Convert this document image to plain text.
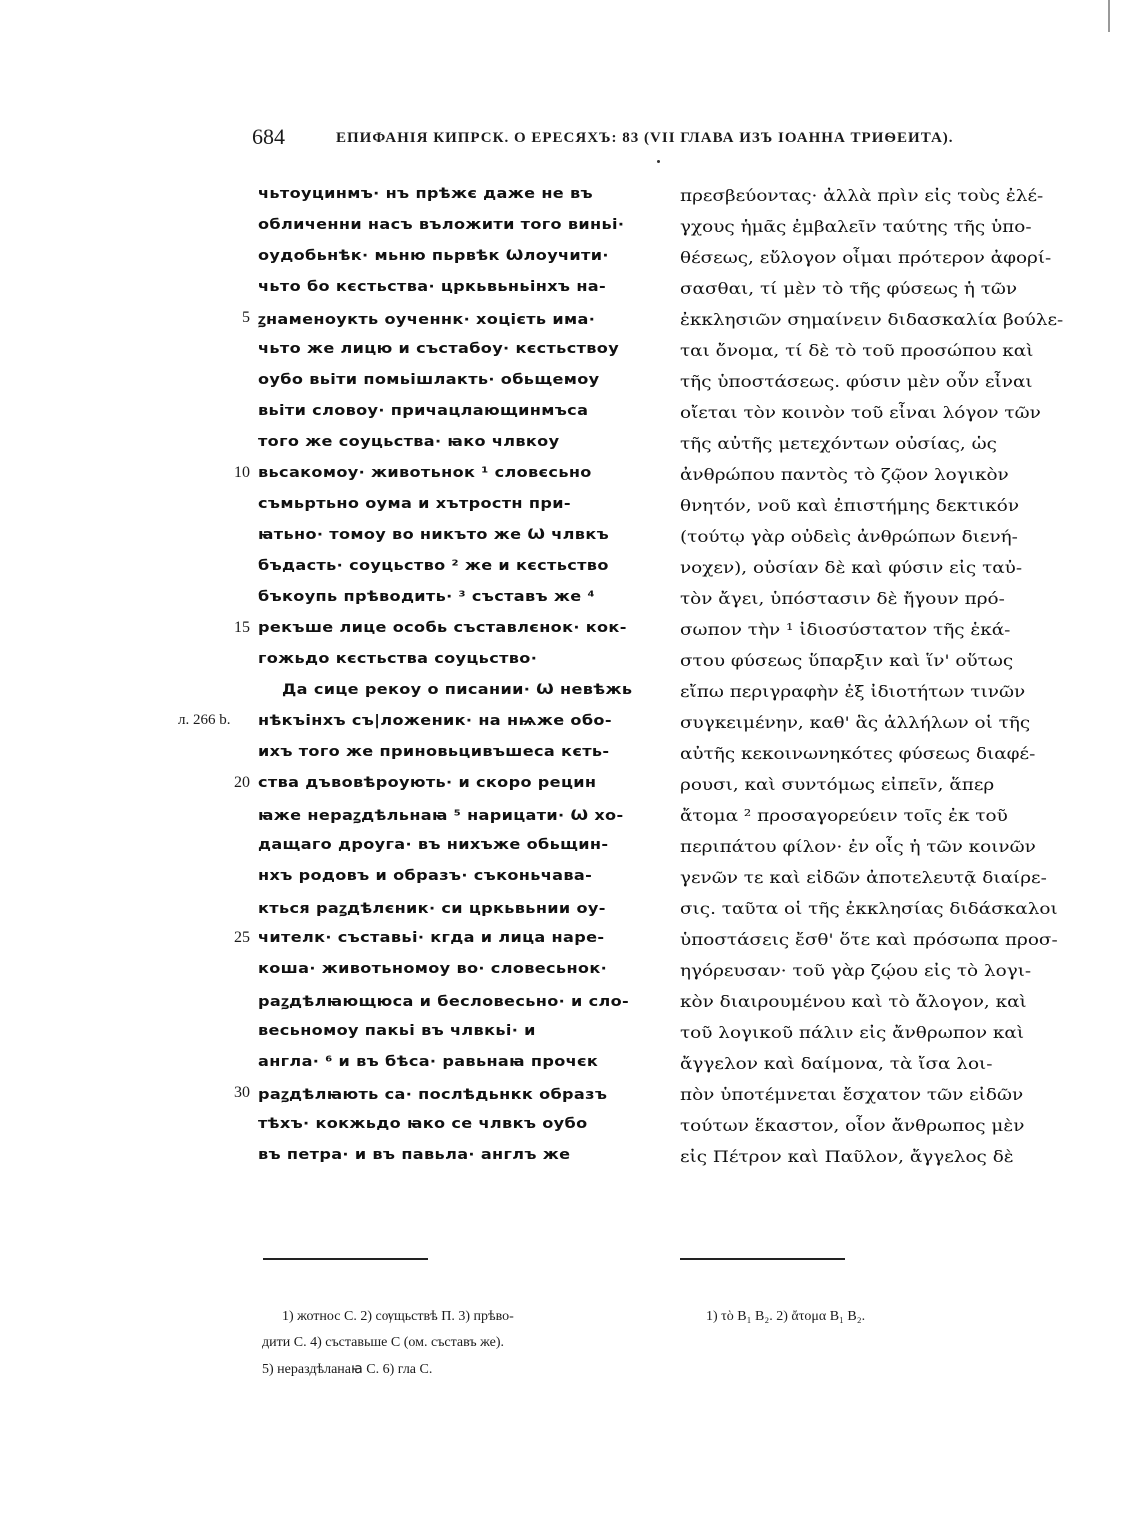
684	ЕПИФАНІЯ КИПРСК. О ЕРЕСЯХЪ: 83 (VII ГЛАВА ИЗЪ ІОАННА ТРИѲЕИТА).
чьтоуцинмъ· нъ прѣжє даже не въ
обличенни насъ въложити того виньі·
оудобьнѣк· мьню пьрвѣк Ѡлоучити·
чьто бо кєстьства· цркьвьньінхъ на-
ꙁнаменоукть оученнк· хоцієть има·
чьто же лицю и състабоу· кєстьствоу
оубо вьіти помьішлакть· обьщемоу
вьіти словоу· причацлающинмъса
того же соуцьства· ꙗко члвкоу
вьсакомоу· животьнок ¹ словєсьно
съмьртьно оума и хътростн при-
ꙗтьно· томоу во никъто же Ѡ члвкъ
бъдасть· соуцьство ² же и кєстьство
бъкоупь прѣводить· ³ съставъ же ⁴
рекъше лице особь съставлєнок· кок-
гожьдо кєстьства соуцьство·
Да сице рекоу о писании· Ѡ невѣжь
нѣкъінхъ съ|ложеник· на нѩже обо-
ихъ того же приновьцивъшеса кєть-
ства дъвовѣроують· и скоро рецин
ꙗже нераꙁдѣльнаꙗ ⁵ нарицати· Ѡ хо-
дащаго дроуга· въ нихъже обьщин-
нхъ родовъ и образъ· съконьчава-
кться раꙁдѣлєник· си цркьвьнии оу-
чителк· съставьі· кгда и лица наре-
коша· животьномоу во· словесьнок·
раꙁдѣлꙗющюса и бесловесьно· и сло-
весьномоу пакьі въ члвкьі· и
англа· ⁶ и въ бѣса· равьнаꙗ прочєк
раꙁдѣлꙗють са· послѣдьнкк образъ
тѣхъ· кокжьдо ꙗко се члвкъ оубо
въ петра· и въ павьла· англъ же
5
10
15
20
25
30
л. 266 b.
πρεσβεύοντας· ἀλλὰ πρὶν εἰς τοὺς ἐλέ-
γχους ἡμᾶς ἐμβαλεῖν ταύτης τῆς ὑπο-
θέσεως, εὔλογον οἶμαι πρότερον ἀφορί-
σασθαι, τί μὲν τὸ τῆς φύσεως ἡ τῶν
ἐκκλησιῶν σημαίνειν διδασκαλία βούλε-
ται ὄνομα, τί δὲ τὸ τοῦ προσώπου καὶ
τῆς ὑποστάσεως. φύσιν μὲν οὖν εἶναι
οἴεται τὸν κοινὸν τοῦ εἶναι λόγον τῶν
τῆς αὐτῆς μετεχόντων οὐσίας, ὡς
ἀνθρώπου παντὸς τὸ ζῷον λογικὸν
θνητόν, νοῦ καὶ ἐπιστήμης δεκτικόν
(τούτῳ γὰρ οὐδεὶς ἀνθρώπων διενή-
νοχεν), οὐσίαν δὲ καὶ φύσιν εἰς ταὐ-
τὸν ἄγει, ὑπόστασιν δὲ ἤγουν πρό-
σωπον τὴν ¹ ἰδιοσύστατον τῆς ἑκά-
στου φύσεως ὕπαρξιν καὶ ἵν' οὕτως
εἴπω περιγραφὴν ἐξ ἰδιοτήτων τινῶν
συγκειμένην, καθ' ἃς ἀλλήλων οἱ τῆς
αὐτῆς κεκοινωνηκότες φύσεως διαφέ-
ρουσι, καὶ συντόμως εἰπεῖν, ἅπερ
ἄτομα ² προσαγορεύειν τοῖς ἐκ τοῦ
περιπάτου φίλον· ἐν οἷς ἡ τῶν κοινῶν
γενῶν τε καὶ εἰδῶν ἀποτελευτᾷ διαίρε-
σις. ταῦτα οἱ τῆς ἐκκλησίας διδάσκαλοι
ὑποστάσεις ἔσθ' ὅτε καὶ πρόσωπα προσ-
ηγόρευσαν· τοῦ γὰρ ζῴου εἰς τὸ λογι-
κὸν διαιρουμένου καὶ τὸ ἄλογον, καὶ
τοῦ λογικοῦ πάλιν εἰς ἄνθρωπον καὶ
ἄγγελον καὶ δαίμονα, τὰ ἴσα λοι-
πὸν ὑποτέμνεται ἔσχατον τῶν εἰδῶν
τούτων ἕκαστον, οἷον ἄνθρωπος μὲν
εἰς Πέτρον καὶ Παῦλον, ἄγγελος δὲ
1) жотнос С. 2) сѹщьствѣ П. 3) прѣво-
дити С. 4) съставьше С (ом. съставъ же).
5) нераздѣланаꙗ С. 6) гла С.
1) τὸ B₁ B₂. 2) ἄτομα B₁ B₂.
